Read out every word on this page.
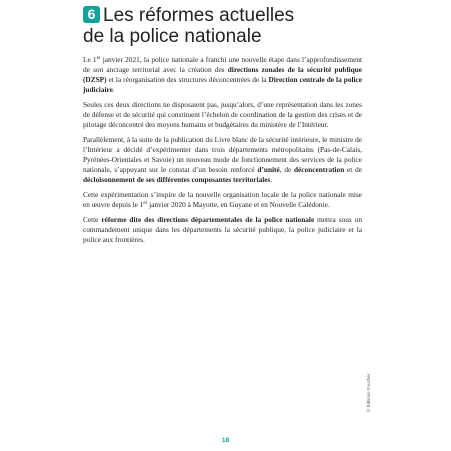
6 Les réformes actuelles
de la police nationale

Le 1er janvier 2021, la police nationale a franchi une nouvelle étape dans l’approfondissement de son ancrage territorial avec la création des directions zonales de la sécurité publique (DZSP) et la réorganisation des structures déconcentrées de la Direction centrale de la police judiciaire.

Seules ces deux directions ne disposaient pas, jusqu’alors, d’une représentation dans les zones de défense et de sécurité qui constituent l’échelon de coordination de la gestion des crises et de pilotage déconcentré des moyens humains et budgétaires du ministère de l’Intérieur.

Parallèlement, à la suite de la publication du Livre blanc de la sécurité intérieure, le ministre de l’Intérieur a décidé d’expérimenter dans trois départements métropolitains (Pas-de-Calais, Pyrénées-Orientales et Savoie) un nouveau mode de fonctionnement des services de la police nationale, s’appuyant sur le constat d’un besoin renforcé d’unité, de déconcentration et de décloisonnement de ses différentes composantes territoriales.

Cette expérimentation s’inspire de la nouvelle organisation locale de la police nationale mise en œuvre depuis le 1er janvier 2020 à Mayotte, en Guyane et en Nouvelle Calédonie.

Cette réforme dite des directions départementales de la police nationale mettra sous un commandement unique dans les départements la sécurité publique, la police judiciaire et la police aux frontières.

© Éditions Foucher
18
